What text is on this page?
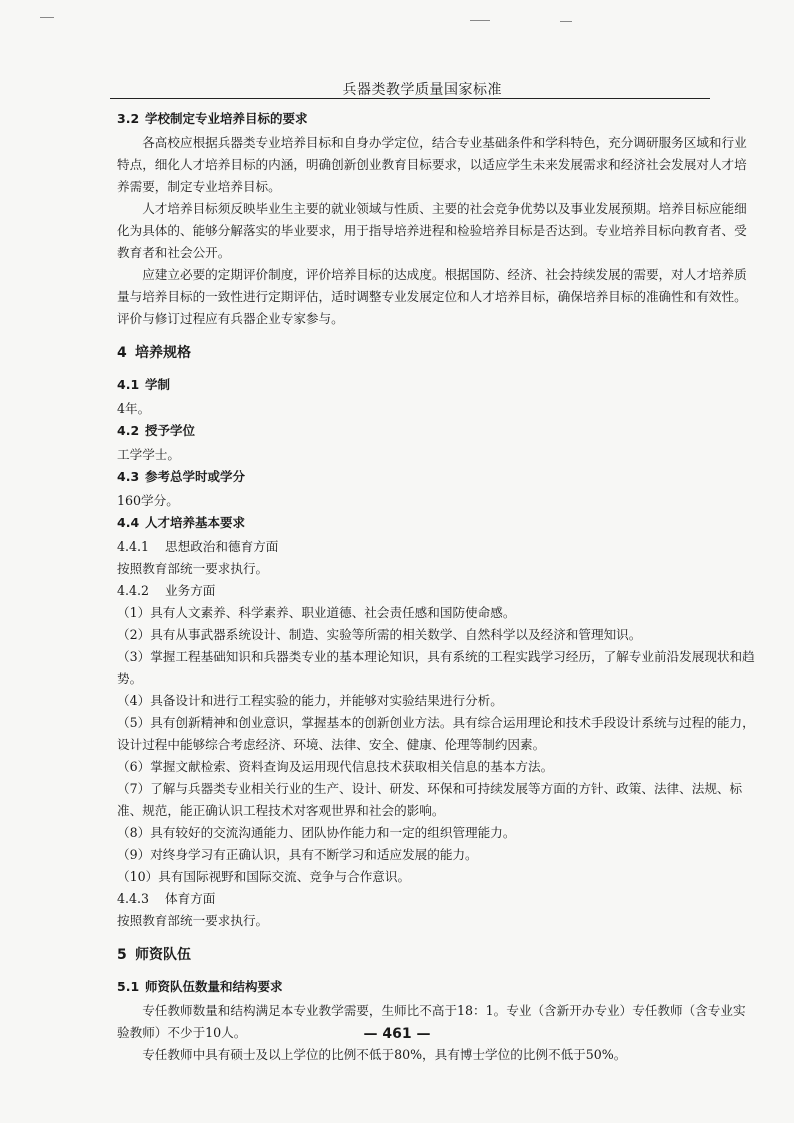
兵器类教学质量国家标准
3.2 学校制定专业培养目标的要求

各高校应根据兵器类专业培养目标和自身办学定位，结合专业基础条件和学科特色，充分调研服务区域和行业特点，细化人才培养目标的内涵，明确创新创业教育目标要求，以适应学生未来发展需求和经济社会发展对人才培养需要，制定专业培养目标。

人才培养目标须反映毕业生主要的就业领域与性质、主要的社会竞争优势以及事业发展预期。培养目标应能细化为具体的、能够分解落实的毕业要求，用于指导培养进程和检验培养目标是否达到。专业培养目标向教育者、受教育者和社会公开。

应建立必要的定期评价制度，评价培养目标的达成度。根据国防、经济、社会持续发展的需要，对人才培养质量与培养目标的一致性进行定期评估，适时调整专业发展定位和人才培养目标，确保培养目标的准确性和有效性。评价与修订过程应有兵器企业专家参与。

4 培养规格
4.1 学制

4年。

4.2 授予学位

工学学士。

4.3 参考总学时或学分

160学分。

4.4 人才培养基本要求
4.4.1 思想政治和德育方面

按照教育部统一要求执行。

4.4.2 业务方面

（1）具有人文素养、科学素养、职业道德、社会责任感和国防使命感。

（2）具有从事武器系统设计、制造、实验等所需的相关数学、自然科学以及经济和管理知识。

（3）掌握工程基础知识和兵器类专业的基本理论知识，具有系统的工程实践学习经历，了解专业前沿发展现状和趋势。

（4）具备设计和进行工程实验的能力，并能够对实验结果进行分析。

（5）具有创新精神和创业意识，掌握基本的创新创业方法。具有综合运用理论和技术手段设计系统与过程的能力，设计过程中能够综合考虑经济、环境、法律、安全、健康、伦理等制约因素。

（6）掌握文献检索、资料查询及运用现代信息技术获取相关信息的基本方法。

（7）了解与兵器类专业相关行业的生产、设计、研发、环保和可持续发展等方面的方针、政策、法律、法规、标准、规范，能正确认识工程技术对客观世界和社会的影响。

（8）具有较好的交流沟通能力、团队协作能力和一定的组织管理能力。

（9）对终身学习有正确认识，具有不断学习和适应发展的能力。

（10）具有国际视野和国际交流、竞争与合作意识。

4.4.3 体育方面

按照教育部统一要求执行。

5 师资队伍
5.1 师资队伍数量和结构要求

专任教师数量和结构满足本专业教学需要，生师比不高于18：1。专业（含新开办专业）专任教师（含专业实验教师）不少于10人。

专任教师中具有硕士及以上学位的比例不低于80%，具有博士学位的比例不低于50%。

— 461 —
